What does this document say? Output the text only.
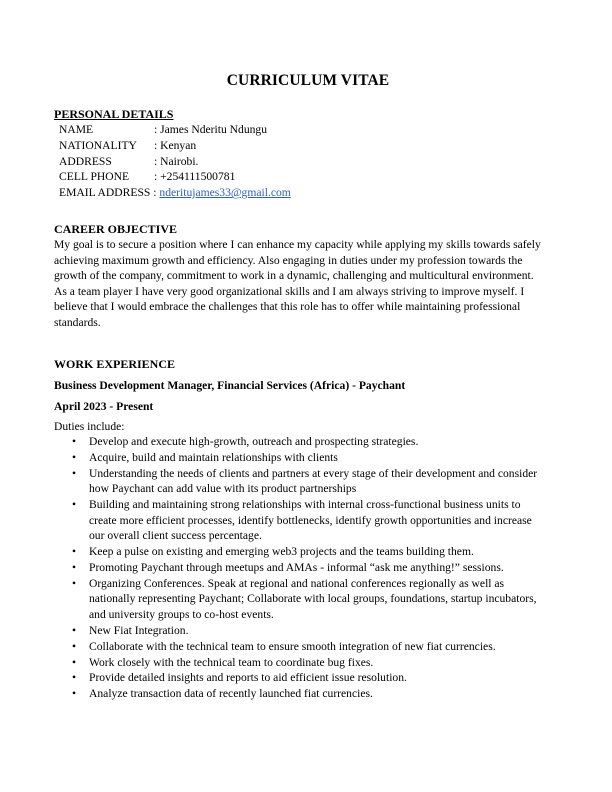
CURRICULUM VITAE
PERSONAL DETAILS
NAME	: James Nderitu Ndungu
NATIONALITY	: Kenyan
ADDRESS	: Nairobi.
CELL PHONE	: +254111500781
EMAIL ADDRESS : nderitujames33@gmail.com
CAREER OBJECTIVE
My goal is to secure a position where I can enhance my capacity while applying my skills towards safely
achieving maximum growth and efficiency. Also engaging in duties under my profession towards the
growth of the company, commitment to work in a dynamic, challenging and multicultural environment.
As a team player I have very good organizational skills and I am always striving to improve myself. I
believe that I would embrace the challenges that this role has to offer while maintaining professional
standards.
WORK EXPERIENCE
Business Development Manager, Financial Services (Africa) - Paychant
April 2023 - Present
Duties include:
• Develop and execute high-growth, outreach and prospecting strategies.
• Acquire, build and maintain relationships with clients
• Understanding the needs of clients and partners at every stage of their development and consider
how Paychant can add value with its product partnerships
• Building and maintaining strong relationships with internal cross-functional business units to
create more efficient processes, identify bottlenecks, identify growth opportunities and increase
our overall client success percentage.
• Keep a pulse on existing and emerging web3 projects and the teams building them.
• Promoting Paychant through meetups and AMAs - informal “ask me anything!” sessions.
• Organizing Conferences. Speak at regional and national conferences regionally as well as
nationally representing Paychant; Collaborate with local groups, foundations, startup incubators,
and university groups to co-host events.
• New Fiat Integration.
• Collaborate with the technical team to ensure smooth integration of new fiat currencies.
• Work closely with the technical team to coordinate bug fixes.
• Provide detailed insights and reports to aid efficient issue resolution.
• Analyze transaction data of recently launched fiat currencies.
